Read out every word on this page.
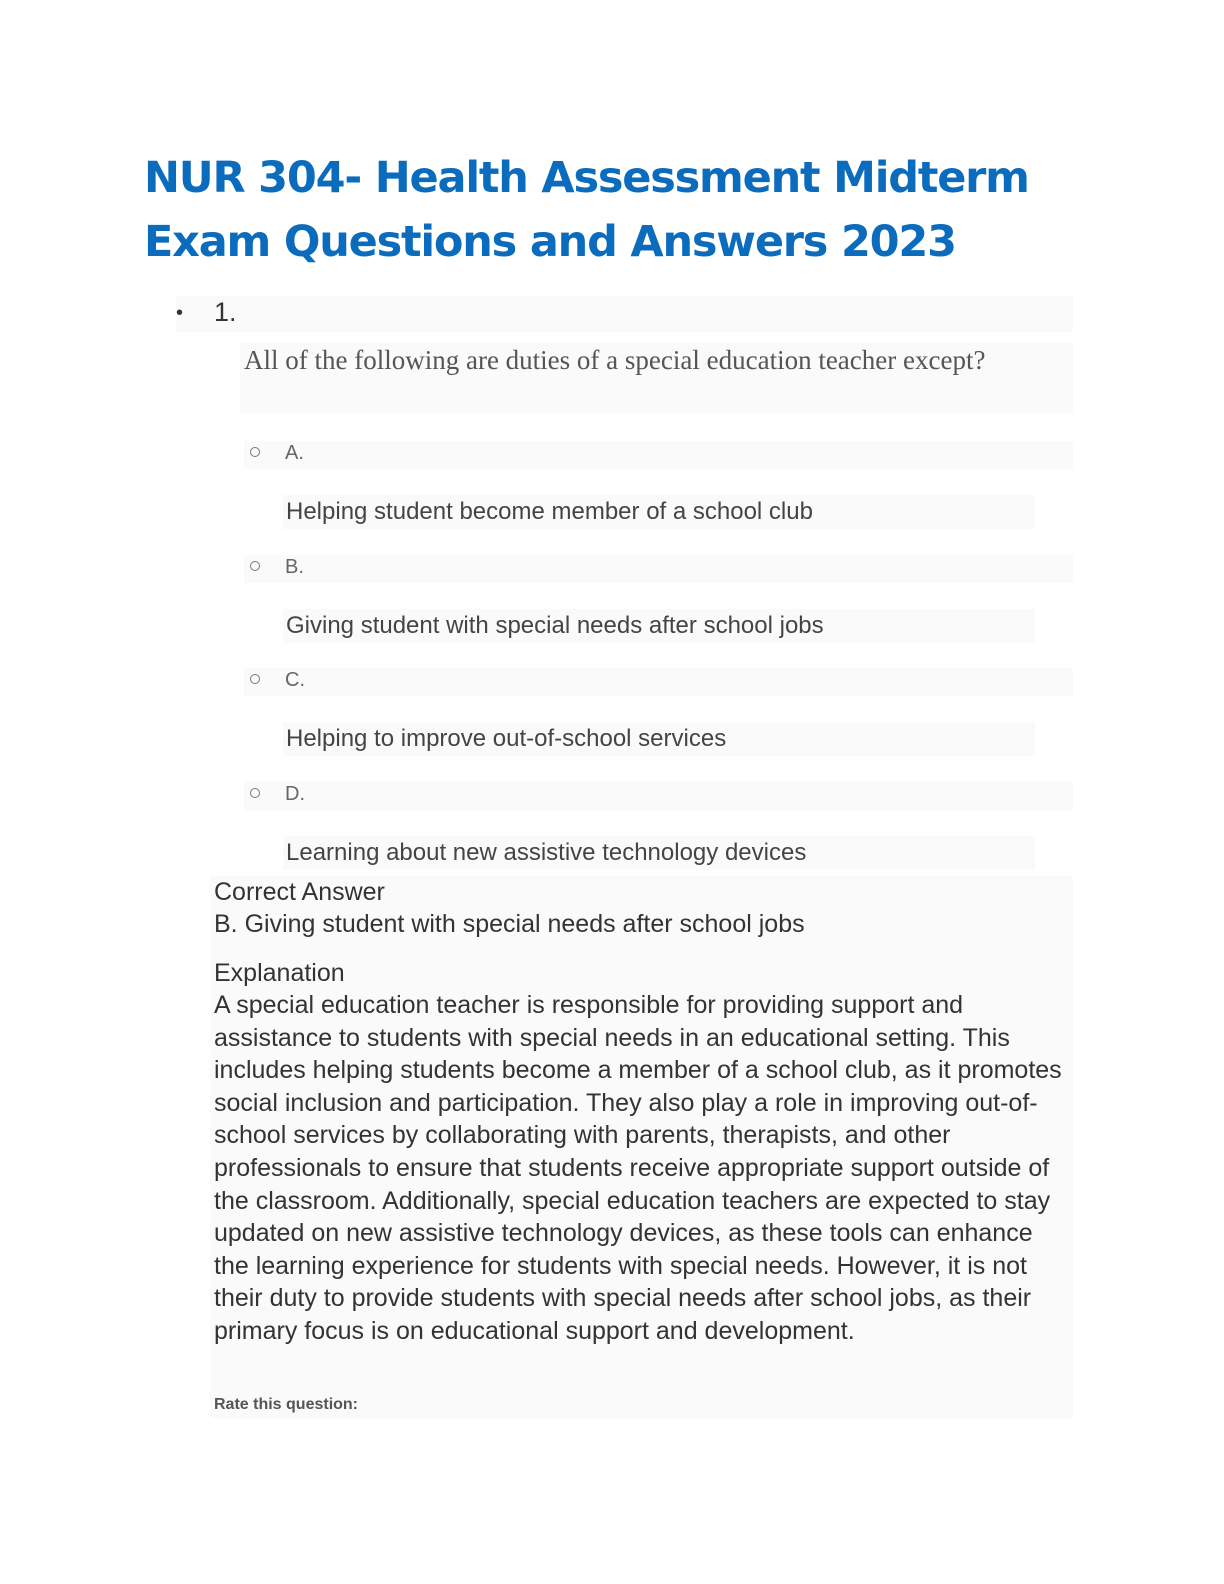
NUR 304- Health Assessment Midterm Exam Questions and Answers 2023
• 1.
All of the following are duties of a special education teacher except?
A.
Helping student become member of a school club
B.
Giving student with special needs after school jobs
C.
Helping to improve out-of-school services
D.
Learning about new assistive technology devices
Correct Answer
B. Giving student with special needs after school jobs
Explanation

A special education teacher is responsible for providing support and assistance to students with special needs in an educational setting. This includes helping students become a member of a school club, as it promotes social inclusion and participation. They also play a role in improving out-of-school services by collaborating with parents, therapists, and other professionals to ensure that students receive appropriate support outside of the classroom. Additionally, special education teachers are expected to stay updated on new assistive technology devices, as these tools can enhance the learning experience for students with special needs. However, it is not their duty to provide students with special needs after school jobs, as their primary focus is on educational support and development.

Rate this question:
